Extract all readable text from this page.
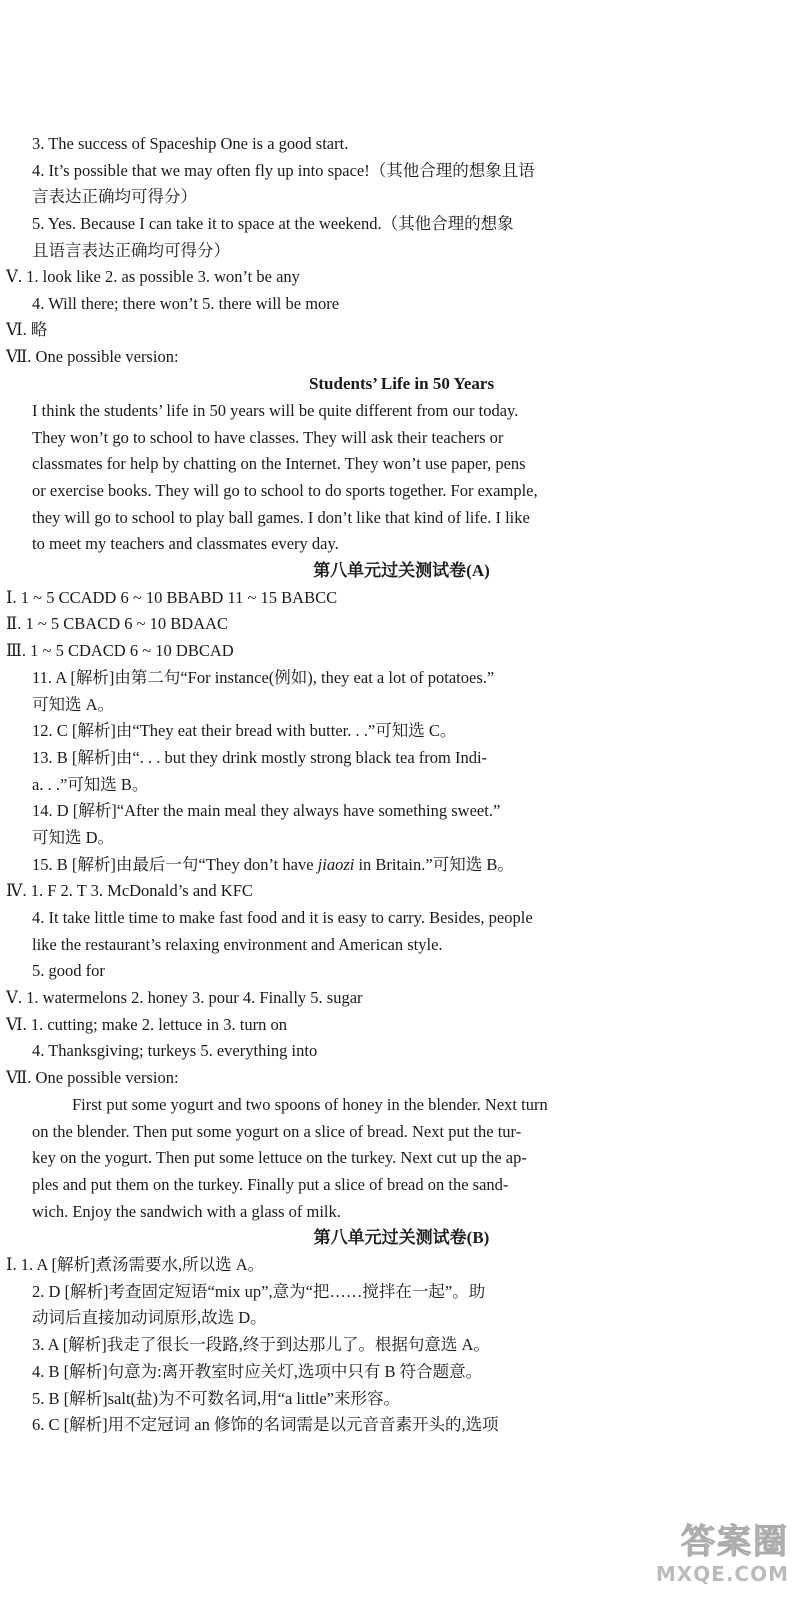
3. The success of Spaceship One is a good start.
4. It’s possible that we may often fly up into space!（其他合理的想象且语
言表达正确均可得分）
5. Yes. Because I can take it to space at the weekend.（其他合理的想象
且语言表达正确均可得分）
Ⅴ. 1. look like 2. as possible 3. won’t be any
4. Will there; there won’t 5. there will be more
Ⅵ. 略
Ⅶ. One possible version:
Students’ Life in 50 Years
I think the students’ life in 50 years will be quite different from our today.
They won’t go to school to have classes. They will ask their teachers or
classmates for help by chatting on the Internet. They won’t use paper, pens
or exercise books. They will go to school to do sports together. For example,
they will go to school to play ball games. I don’t like that kind of life. I like
to meet my teachers and classmates every day.
第八单元过关测试卷(A)
Ⅰ. 1 ~ 5 CCADD 6 ~ 10 BBABD 11 ~ 15 BABCC
Ⅱ. 1 ~ 5 CBACD 6 ~ 10 BDAAC
Ⅲ. 1 ~ 5 CDACD 6 ~ 10 DBCAD
11. A [解析]由第二句“For instance(例如), they eat a lot of potatoes.”
可知选 A。
12. C [解析]由“They eat their bread with butter. . .”可知选 C。
13. B [解析]由“. . . but they drink mostly strong black tea from Indi-
a. . .”可知选 B。
14. D [解析]“After the main meal they always have something sweet.”
可知选 D。
15. B [解析]由最后一句“They don’t have jiaozi in Britain.”可知选 B。
Ⅳ. 1. F 2. T 3. McDonald’s and KFC
4. It take little time to make fast food and it is easy to carry. Besides, people
like the restaurant’s relaxing environment and American style.
5. good for
Ⅴ. 1. watermelons 2. honey 3. pour 4. Finally 5. sugar
Ⅵ. 1. cutting; make 2. lettuce in 3. turn on
4. Thanksgiving; turkeys 5. everything into
Ⅶ. One possible version:
First put some yogurt and two spoons of honey in the blender. Next turn
on the blender. Then put some yogurt on a slice of bread. Next put the tur-
key on the yogurt. Then put some lettuce on the turkey. Next cut up the ap-
ples and put them on the turkey. Finally put a slice of bread on the sand-
wich. Enjoy the sandwich with a glass of milk.
第八单元过关测试卷(B)
Ⅰ. 1. A [解析]煮汤需要水,所以选 A。
2. D [解析]考查固定短语“mix up”,意为“把……搅拌在一起”。助
动词后直接加动词原形,故选 D。
3. A [解析]我走了很长一段路,终于到达那儿了。根据句意选 A。
4. B [解析]句意为:离开教室时应关灯,选项中只有 B 符合题意。
5. B [解析]salt(盐)为不可数名词,用“a little”来形容。
6. C [解析]用不定冠词 an 修饰的名词需是以元音音素开头的,选项
答案圈
MXQE.COM
